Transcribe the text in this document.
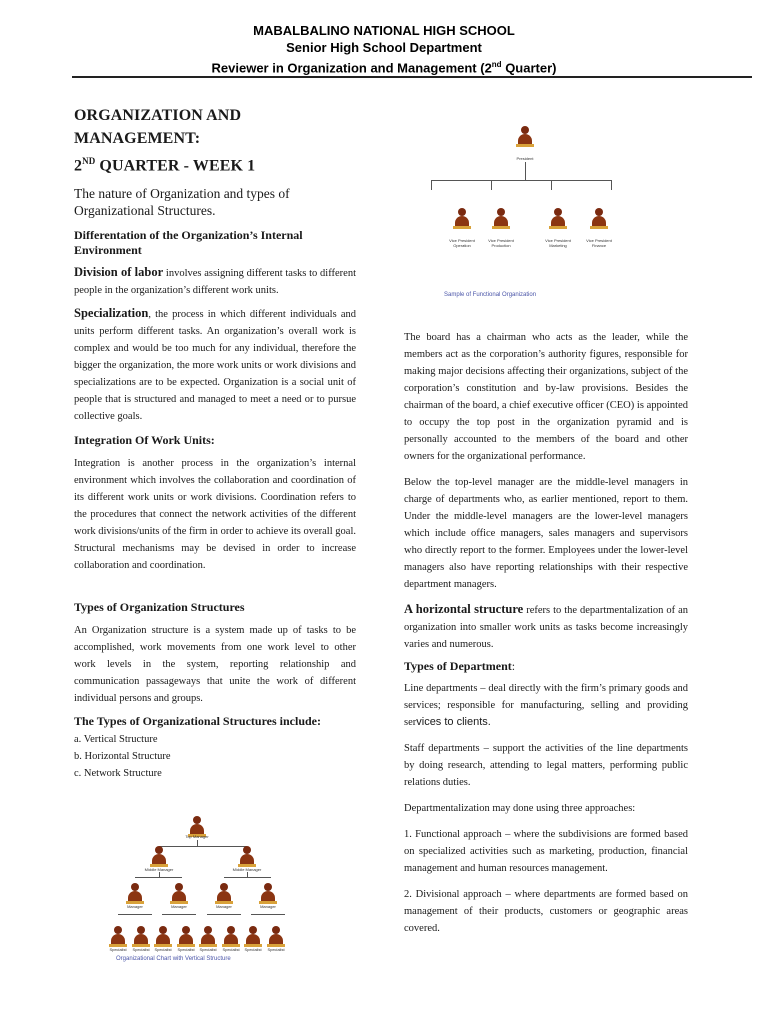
MABALBALINO NATIONAL HIGH SCHOOL
Senior High School Department
Reviewer in Organization and Management (2nd Quarter)
ORGANIZATION AND MANAGEMENT:
2ND QUARTER - WEEK 1
The nature of Organization and types of Organizational Structures.
Differentation of the Organization’s Internal Environment

Division of labor involves assigning different tasks to different people in the organization’s different work units.

Specialization, the process in which different individuals and units perform different tasks. An organization’s overall work is complex and would be too much for any individual, therefore the bigger the organization, the more work units or work divisions and specializations are to be expected. Organization is a social unit of people that is structured and managed to meet a need or to pursue collective goals.

Integration Of Work Units:

Integration is another process in the organization’s internal environment which involves the collaboration and coordination of its different work units or work divisions. Coordination refers to the procedures that connect the network activities of the different work divisions/units of the firm in order to achieve its overall goal. Structural mechanisms may be devised in order to increase collaboration and coordination.

Types of Organization Structures

An Organization structure is a system made up of tasks to be accomplished, work movements from one work level to other work levels in the system, reporting relationship and communication passageways that unite the work of different individual persons and groups.

The Types of Organizational Structures include:
a. Vertical Structure
b. Horizontal Structure
c. Network Structure
President
Vice President Operation
Vice President Production
Vice President Marketing
Vice President Finance
Sample of Functional Organization

The board has a chairman who acts as the leader, while the members act as the corporation’s authority figures, responsible for making major decisions affecting their organizations, subject of the corporation’s constitution and by-law provisions. Besides the chairman of the board, a chief executive officer (CEO) is appointed to occupy the top post in the organization pyramid and is personally accounted to the members of the board and other owners for the organizational performance.

Below the top-level manager are the middle-level managers in charge of departments who, as earlier mentioned, report to them. Under the middle-level managers are the lower-level managers which include office managers, sales managers and supervisors who directly report to the former. Employees under the lower-level managers also have reporting relationships with their respective department managers.

A horizontal structure refers to the departmentalization of an organization into smaller work units as tasks become increasingly varies and numerous.

Types of Department:

Line departments – deal directly with the firm’s primary goods and services; responsible for manufacturing, selling and providing services to clients.

Staff departments – support the activities of the line departments by doing research, attending to legal matters, performing public relations duties.

Departmentalization may done using three approaches:

1. Functional approach – where the subdivisions are formed based on specialized activities such as marketing, production, financial management and human resources management.

2. Divisional approach – where departments are formed based on management of their products, customers or geographic areas covered.

Top Manager
Middle Manager	Middle Manager
Manager	Manager	Manager	Manager
Specialist	Specialist	Specialist	Specialist	Specialist	Specialist	Specialist	Specialist
Organizational Chart with Vertical Structure
